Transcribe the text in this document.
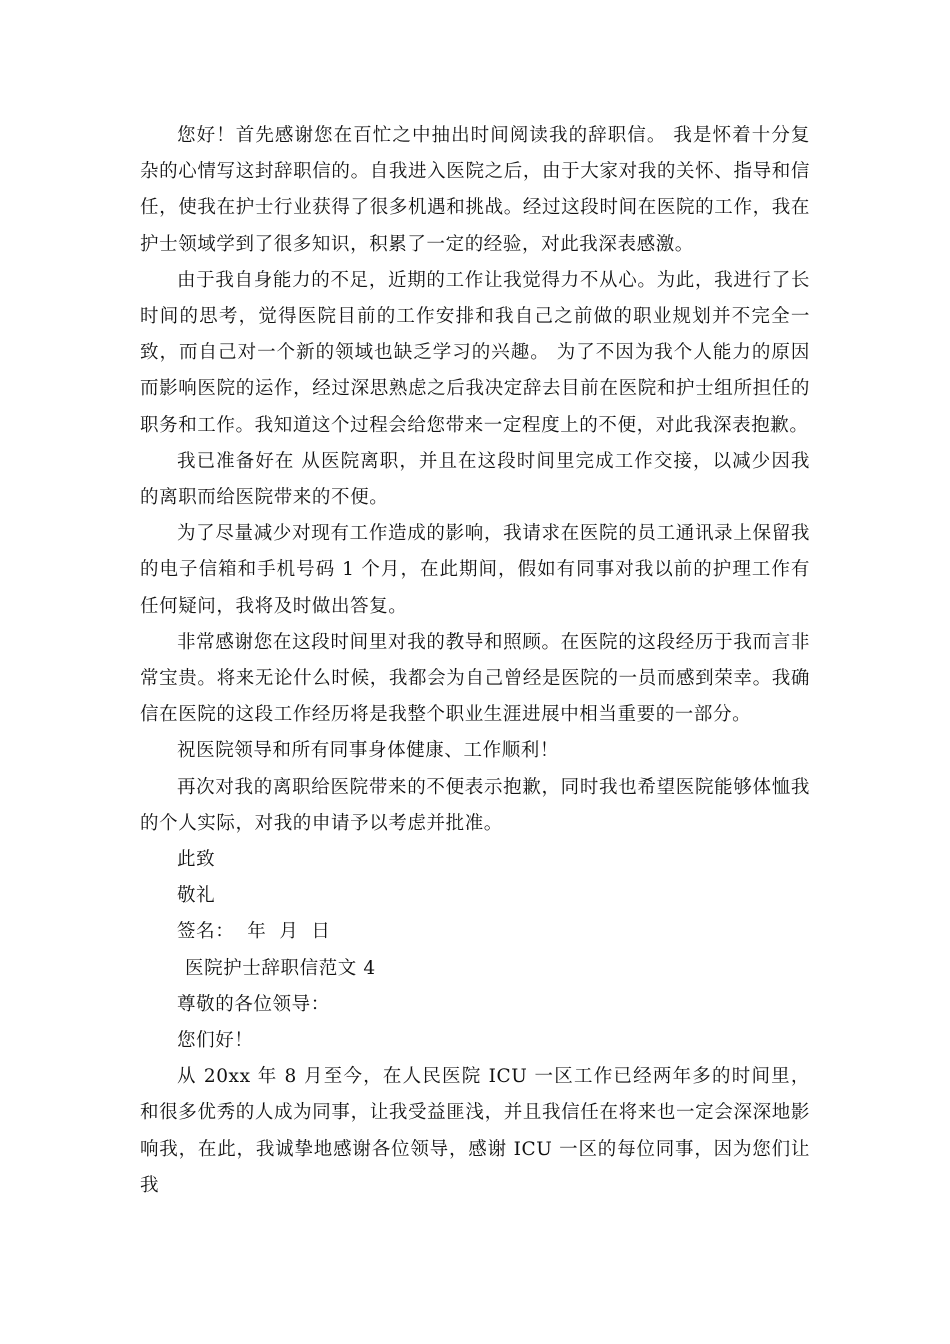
您好！首先感谢您在百忙之中抽出时间阅读我的辞职信。 我是怀着十分复杂的心情写这封辞职信的。自我进入医院之后，由于大家对我的关怀、指导和信任，使我在护士行业获得了很多机遇和挑战。经过这段时间在医院的工作，我在护士领域学到了很多知识，积累了一定的经验，对此我深表感激。

由于我自身能力的不足，近期的工作让我觉得力不从心。为此，我进行了长时间的思考，觉得医院目前的工作安排和我自己之前做的职业规划并不完全一致，而自己对一个新的领域也缺乏学习的兴趣。 为了不因为我个人能力的原因而影响医院的运作，经过深思熟虑之后我决定辞去目前在医院和护士组所担任的职务和工作。我知道这个过程会给您带来一定程度上的不便，对此我深表抱歉。

我已准备好在 从医院离职，并且在这段时间里完成工作交接，以减少因我的离职而给医院带来的不便。

为了尽量减少对现有工作造成的影响，我请求在医院的员工通讯录上保留我的电子信箱和手机号码 1 个月，在此期间，假如有同事对我以前的护理工作有任何疑问，我将及时做出答复。

非常感谢您在这段时间里对我的教导和照顾。在医院的这段经历于我而言非常宝贵。将来无论什么时候，我都会为自己曾经是医院的一员而感到荣幸。我确信在医院的这段工作经历将是我整个职业生涯进展中相当重要的一部分。

祝医院领导和所有同事身体健康、工作顺利！

再次对我的离职给医院带来的不便表示抱歉，同时我也希望医院能够体恤我的个人实际，对我的申请予以考虑并批准。

此致

敬礼

签名：  年  月  日

医院护士辞职信范文 4

尊敬的各位领导：

您们好！

从 20xx 年 8 月至今，在人民医院 ICU 一区工作已经两年多的时间里，和很多优秀的人成为同事，让我受益匪浅，并且我信任在将来也一定会深深地影响我，在此，我诚挚地感谢各位领导，感谢 ICU 一区的每位同事，因为您们让我
